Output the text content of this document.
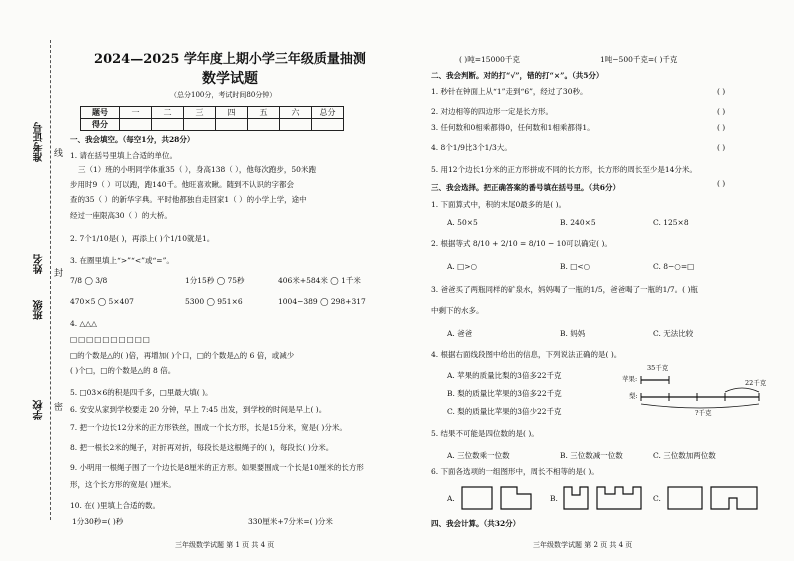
准考证号
姓名
班级
学校
线
封
密
2024—2025 学年度上期小学三年级质量抽测
数学试题
（总分100分，考试时间80分钟）
题号	一	二	三	四	五	六	总分
得分							
一、我会填空。（每空1分，共28分）
1. 请在括号里填上合适的单位。
三（1）班的小明同学体重35（ ），身高138（ ），他每次跑步，50米跑
步用时9（ ）可以跑，跑140千。他旺喜欢瞅。随到不认识的字都会
查的35（ ）的新华字典。平时他都独自走回家1（ ）的小学上学，途中
经过一座限高30（ ）的大桥。
2. 7个1/10是( )，再添上( )个1/10就是1。
3. 在圈里填上“>”“<”或“=”。
7/8 ◯ 3/8	1分15秒 ◯ 75秒	406米+584米 ◯ 1千米
470×5 ◯ 5×407	5300 ◯ 951×6	1004−389 ◯ 298+317
4. △△△
□□□□□□□□□□
□的个数是△的( )倍，再增加( )个口，□的个数是△的 6 倍，或减少
( )个□，□的个数是△的 8 倍。
5. □03×6的积是四千多，□里最大填( )。
6. 安安从家到学校要走 20 分钟，早上 7:45 出发，到学校的时间是早上( )。
7. 把一个边长12分米的正方形铁丝，围成一个长方形，长是15分米，宽是( )分米。
8. 把一根长2米的绳子，对折再对折，每段长是这根绳子的( )，每段长( )分米。
9. 小明用一根绳子围了一个边长是8厘米的正方形。如果要围成一个长是10厘米的长方形
形，这个长方形的宽是( )厘米。
10. 在( )里填上合适的数。
1分30秒=( )秒	330厘米+7分米=( )分米
三年级数学试题 第 1 页 共 4 页
( )吨=15000千克	1吨−500千克=( )千克
二、我会判断。对的打“√”，错的打“×”。（共5分）
1. 秒针在钟面上从“1”走到“6”，经过了30秒。	( )
2. 对边相等的四边形一定是长方形。	( )
3. 任何数和0相乘都得0，任何数和1相乘都得1。	( )
4. 8个1/9比3个1/3大。	( )
5. 用12个边长1分米的正方形拼成不同的长方形，长方形的周长至少是14分米。
( )
三、我会选择。把正确答案的番号填在括号里。（共6分）
1. 下面算式中，积的末尾0最多的是( )。
A. 50×5	B. 240×5	C. 125×8
2. 根据等式 8/10 + 2/10 = 8/10 − 10可以确定( )。
A. □>○	B. □<○	C. 8−○=□
3. 爸爸买了两瓶同样的矿泉水，妈妈喝了一瓶的1/5，爸爸喝了一瓶的1/7。( )瓶
中剩下的水多。
A. 爸爸	B. 妈妈	C. 无法比较
4. 根据右面线段图中给出的信息，下列说法正确的是( )。
A. 苹果的质量比梨的3倍多22千克
B. 梨的质量比苹果的3倍多22千克
C. 梨的质量比苹果的3倍少22千克
苹果:
梨:
35千克
22千克
?千克
5. 结果不可能是四位数的是( )。
A. 三位数乘一位数	B. 三位数减一位数	C. 三位数加两位数
6. 下面各选项的一组图形中，周长不相等的是( )。
A.	B.	C.
四、我会计算。（共32分）
三年级数学试题 第 2 页 共 4 页
